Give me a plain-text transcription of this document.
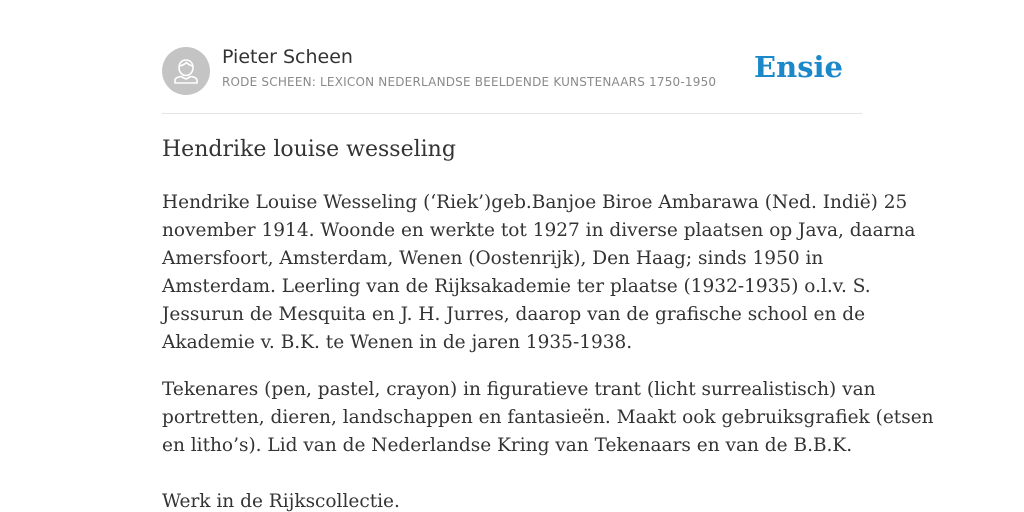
Pieter Scheen
RODE SCHEEN: LEXICON NEDERLANDSE BEELDENDE KUNSTENAARS 1750-1950 Ensie
Hendrike louise wesseling

Hendrike Louise Wesseling (‘Riek’)geb.Banjoe Biroe Ambarawa (Ned. Indië) 25
november 1914. Woonde en werkte tot 1927 in diverse plaatsen op Java, daarna
Amersfoort, Amsterdam, Wenen (Oostenrijk), Den Haag; sinds 1950 in
Amsterdam. Leerling van de Rijksakademie ter plaatse (1932-1935) o.l.v. S.
Jessurun de Mesquita en J. H. Jurres, daarop van de grafische school en de
Akademie v. B.K. te Wenen in de jaren 1935-1938.

Tekenares (pen, pastel, crayon) in figuratieve trant (licht surrealistisch) van
portretten, dieren, landschappen en fantasieën. Maakt ook gebruiksgrafiek (etsen
en litho’s). Lid van de Nederlandse Kring van Tekenaars en van de B.B.K.

Werk in de Rijkscollectie.
